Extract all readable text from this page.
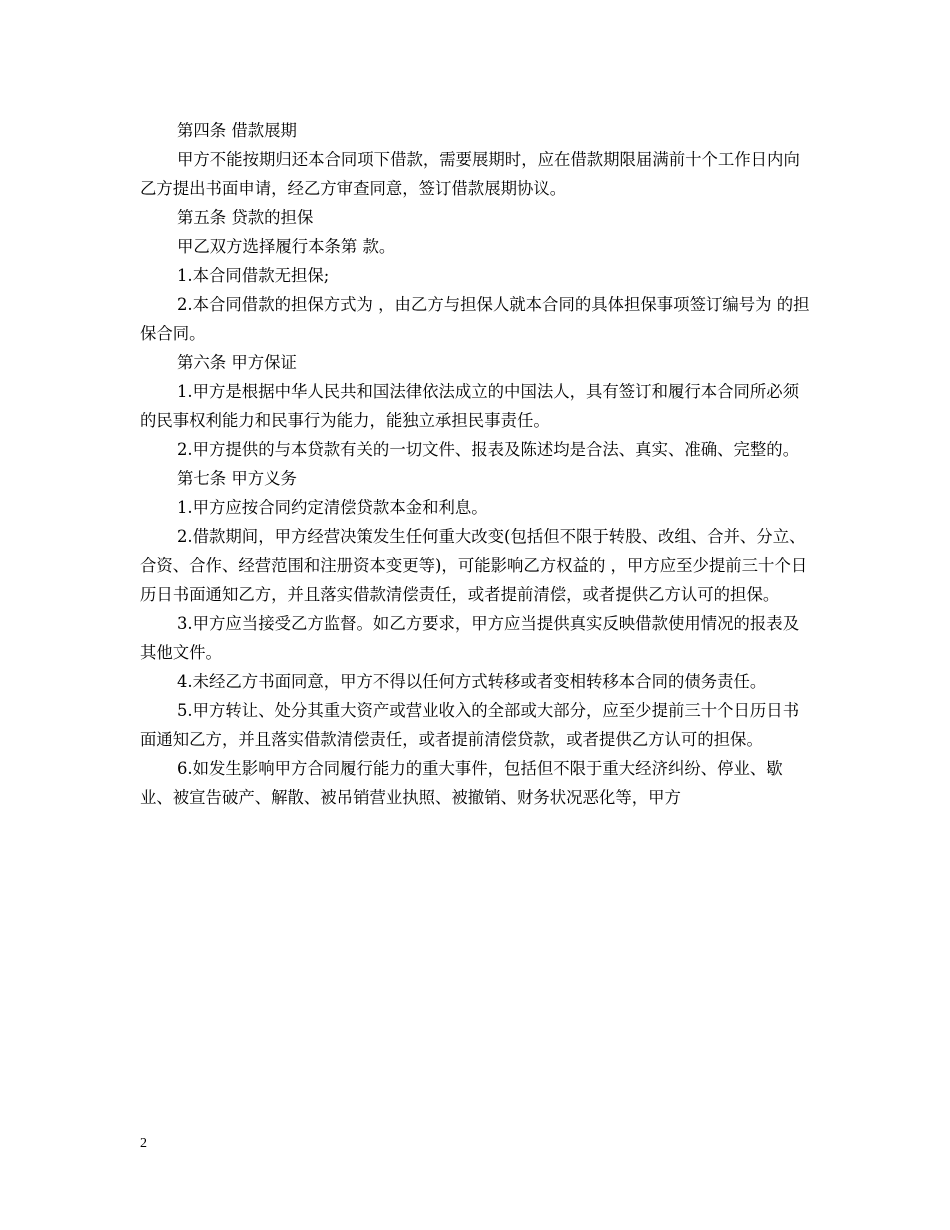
第四条 借款展期

甲方不能按期归还本合同项下借款，需要展期时，应在借款期限届满前十个工作日内向乙方提出书面申请，经乙方审查同意，签订借款展期协议。

第五条 贷款的担保

甲乙双方选择履行本条第 款。

1.本合同借款无担保;

2.本合同借款的担保方式为 ，由乙方与担保人就本合同的具体担保事项签订编号为 的担保合同。

第六条 甲方保证

1.甲方是根据中华人民共和国法律依法成立的中国法人，具有签订和履行本合同所必须的民事权利能力和民事行为能力，能独立承担民事责任。

2.甲方提供的与本贷款有关的一切文件、报表及陈述均是合法、真实、准确、完整的。

第七条 甲方义务

1.甲方应按合同约定清偿贷款本金和利息。

2.借款期间，甲方经营决策发生任何重大改变(包括但不限于转股、改组、合并、分立、合资、合作、经营范围和注册资本变更等)，可能影响乙方权益的 ，甲方应至少提前三十个日历日书面通知乙方，并且落实借款清偿责任，或者提前清偿，或者提供乙方认可的担保。

3.甲方应当接受乙方监督。如乙方要求，甲方应当提供真实反映借款使用情况的报表及其他文件。

4.未经乙方书面同意，甲方不得以任何方式转移或者变相转移本合同的债务责任。

5.甲方转让、处分其重大资产或营业收入的全部或大部分，应至少提前三十个日历日书面通知乙方，并且落实借款清偿责任，或者提前清偿贷款，或者提供乙方认可的担保。

6.如发生影响甲方合同履行能力的重大事件，包括但不限于重大经济纠纷、停业、歇业、被宣告破产、解散、被吊销营业执照、被撤销、财务状况恶化等，甲方

2
